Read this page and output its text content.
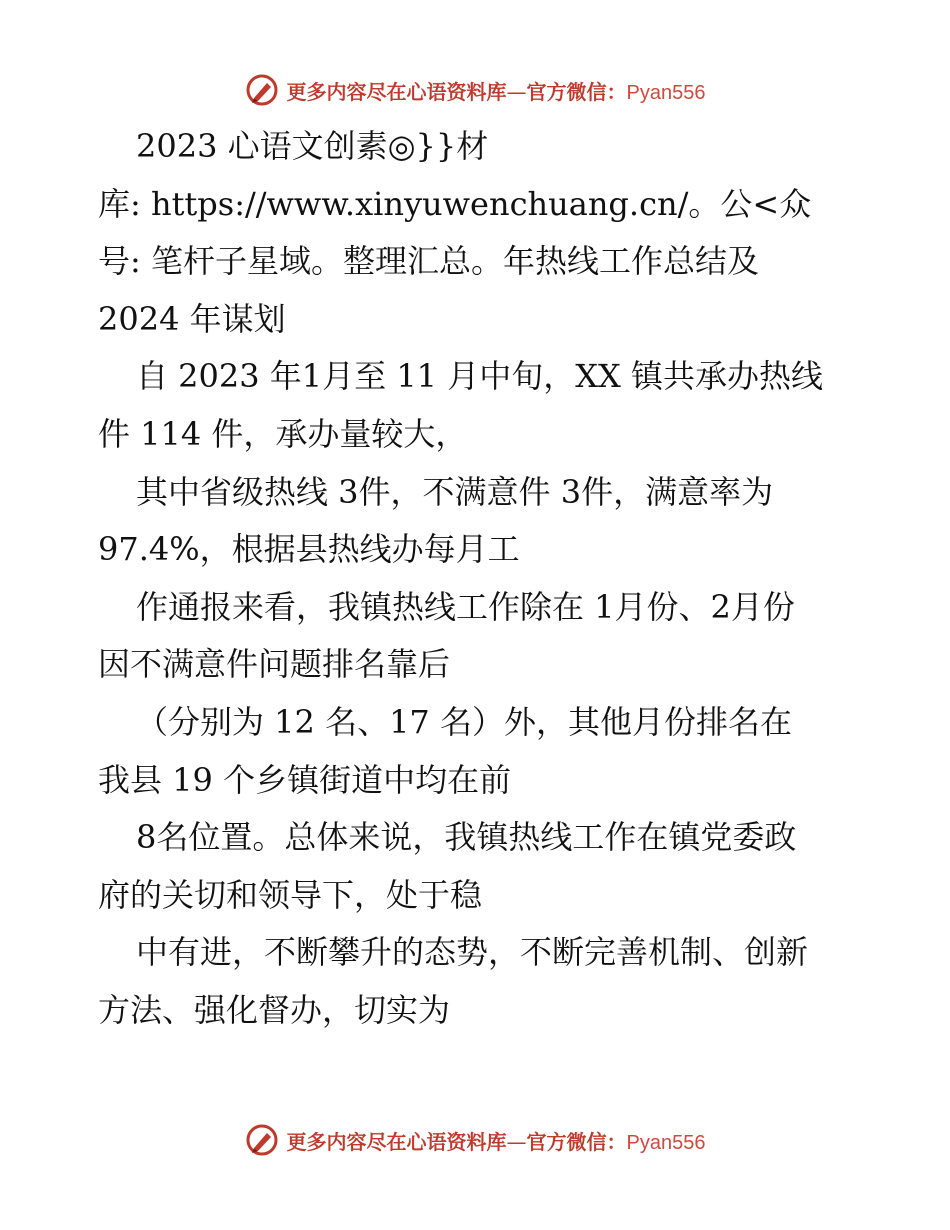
更多内容尽在心语资料库—官方微信：Pyan556
2023 心语文创素◎}}材
库: https://www.xinyuwenchuang.cn/。公<众
号: 笔杆子星域。整理汇总。年热线工作总结及
2024 年谋划
自 2023 年1月至 11 月中旬，XX 镇共承办热线
件 114 件，承办量较大，
其中省级热线 3件，不满意件 3件，满意率为
97.4%，根据县热线办每月工
作通报来看，我镇热线工作除在 1月份、2月份
因不满意件问题排名靠后
（分别为 12 名、17 名）外，其他月份排名在
我县 19 个乡镇街道中均在前
8名位置。总体来说，我镇热线工作在镇党委政
府的关切和领导下，处于稳
中有进，不断攀升的态势，不断完善机制、创新
方法、强化督办，切实为
更多内容尽在心语资料库—官方微信：Pyan556
